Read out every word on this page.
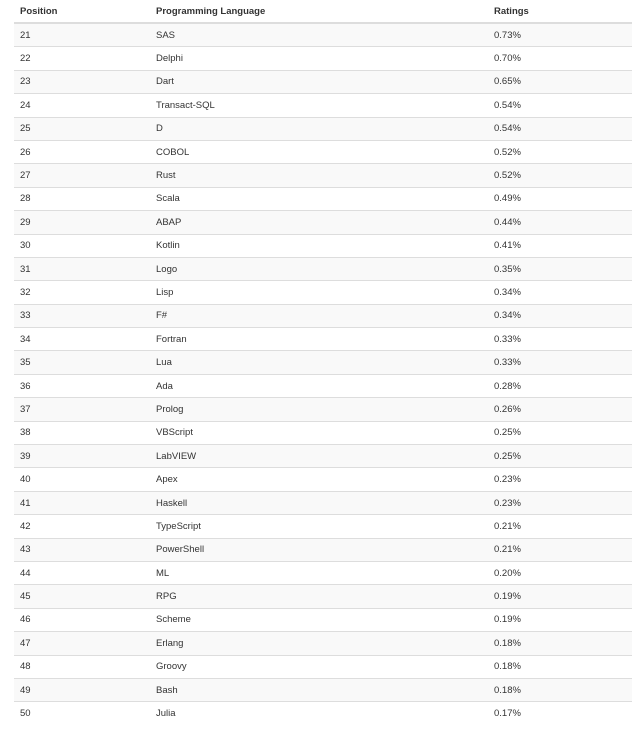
Position	Programming Language	Ratings
21	SAS	0.73%
22	Delphi	0.70%
23	Dart	0.65%
24	Transact-SQL	0.54%
25	D	0.54%
26	COBOL	0.52%
27	Rust	0.52%
28	Scala	0.49%
29	ABAP	0.44%
30	Kotlin	0.41%
31	Logo	0.35%
32	Lisp	0.34%
33	F#	0.34%
34	Fortran	0.33%
35	Lua	0.33%
36	Ada	0.28%
37	Prolog	0.26%
38	VBScript	0.25%
39	LabVIEW	0.25%
40	Apex	0.23%
41	Haskell	0.23%
42	TypeScript	0.21%
43	PowerShell	0.21%
44	ML	0.20%
45	RPG	0.19%
46	Scheme	0.19%
47	Erlang	0.18%
48	Groovy	0.18%
49	Bash	0.18%
50	Julia	0.17%
